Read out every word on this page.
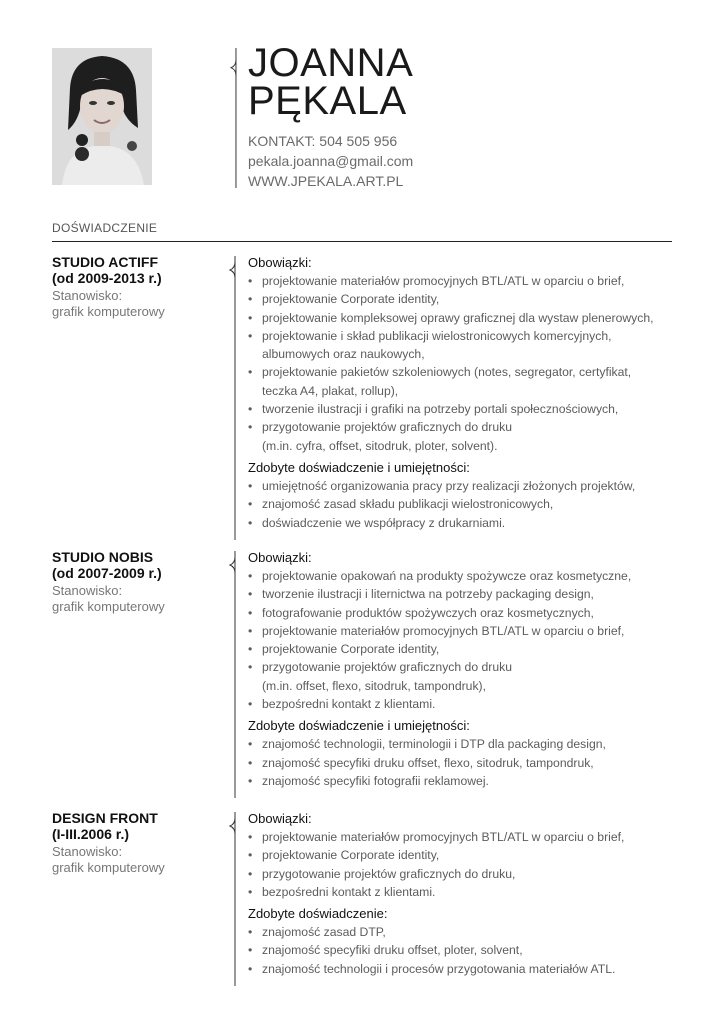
JOANNA
PĘKALA
KONTAKT: 504 505 956
pekala.joanna@gmail.com
WWW.JPEKALA.ART.PL
DOŚWIADCZENIE
STUDIO ACTIFF
(od 2009-2013 r.)
Stanowisko:
grafik komputerowy
Obowiązki:
• projektowanie materiałów promocyjnych BTL/ATL w oparciu o brief,
• projektowanie Corporate identity,
• projektowanie kompleksowej oprawy graficznej dla wystaw plenerowych,
• projektowanie i skład publikacji wielostronicowych komercyjnych,
albumowych oraz naukowych,
• projektowanie pakietów szkoleniowych (notes, segregator, certyfikat,
teczka A4, plakat, rollup),
• tworzenie ilustracji i grafiki na potrzeby portali społecznościowych,
• przygotowanie projektów graficznych do druku
(m.in. cyfra, offset, sitodruk, ploter, solvent).
Zdobyte doświadczenie i umiejętności:
• umiejętność organizowania pracy przy realizacji złożonych projektów,
• znajomość zasad składu publikacji wielostronicowych,
• doświadczenie we współpracy z drukarniami.
STUDIO NOBIS
(od 2007-2009 r.)
Stanowisko:
grafik komputerowy
Obowiązki:
• projektowanie opakowań na produkty spożywcze oraz kosmetyczne,
• tworzenie ilustracji i liternictwa na potrzeby packaging design,
• fotografowanie produktów spożywczych oraz kosmetycznych,
• projektowanie materiałów promocyjnych BTL/ATL w oparciu o brief,
• projektowanie Corporate identity,
• przygotowanie projektów graficznych do druku
(m.in. offset, flexo, sitodruk, tampondruk),
• bezpośredni kontakt z klientami.
Zdobyte doświadczenie i umiejętności:
• znajomość technologii, terminologii i DTP dla packaging design,
• znajomość specyfiki druku offset, flexo, sitodruk, tampondruk,
• znajomość specyfiki fotografii reklamowej.
DESIGN FRONT
(I-III.2006 r.)
Stanowisko:
grafik komputerowy
Obowiązki:
• projektowanie materiałów promocyjnych BTL/ATL w oparciu o brief,
• projektowanie Corporate identity,
• przygotowanie projektów graficznych do druku,
• bezpośredni kontakt z klientami.
Zdobyte doświadczenie:
• znajomość zasad DTP,
• znajomość specyfiki druku offset, ploter, solvent,
• znajomość technologii i procesów przygotowania materiałów ATL.
